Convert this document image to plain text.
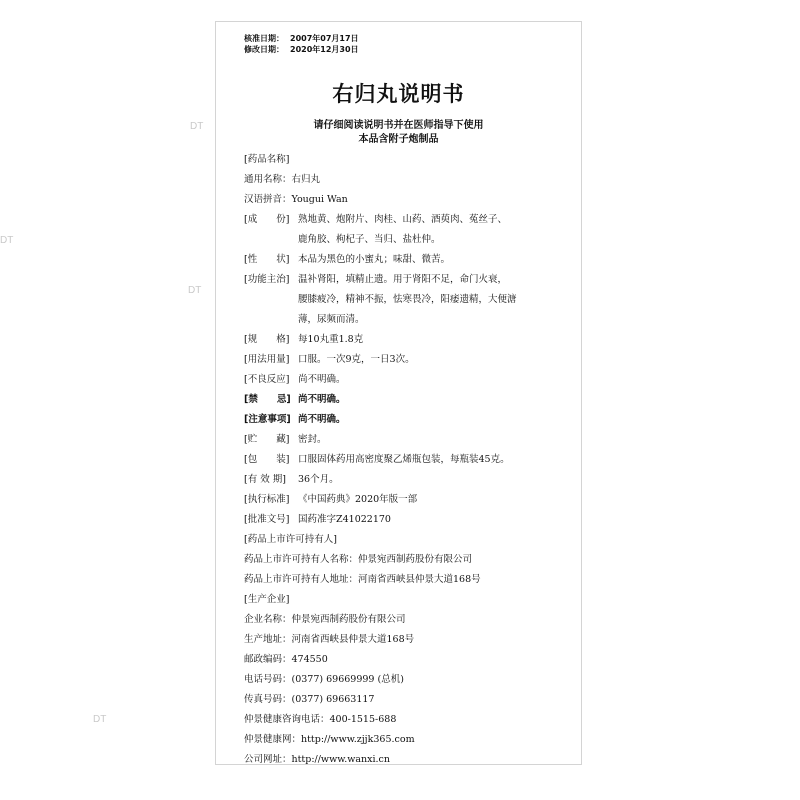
DT
DT
DT
DT
核准日期： 2007年07月17日
修改日期： 2020年12月30日
右归丸说明书
请仔细阅读说明书并在医师指导下使用
本品含附子炮制品
[药品名称]
通用名称：右归丸
汉语拼音：Yougui Wan
[成　　份] 熟地黄、炮附片、肉桂、山药、酒萸肉、菟丝子、
鹿角胶、枸杞子、当归、盐杜仲。
[性　　状] 本品为黑色的小蜜丸；味甜、微苦。
[功能主治] 温补肾阳，填精止遗。用于肾阳不足，命门火衰，
腰膝疲冷，精神不振，怯寒畏冷，阳痿遗精，大便溏
薄，尿频而清。
[规　　格] 每10丸重1.8克
[用法用量] 口服。一次9克，一日3次。
[不良反应] 尚不明确。
[禁　　忌] 尚不明确。
[注意事项] 尚不明确。
[贮　　藏] 密封。
[包　　装] 口服固体药用高密度聚乙烯瓶包装，每瓶装45克。
[有 效 期] 36个月。
[执行标准] 《中国药典》2020年版一部
[批准文号] 国药准字Z41022170
[药品上市许可持有人]
药品上市许可持有人名称：仲景宛西制药股份有限公司
药品上市许可持有人地址：河南省西峡县仲景大道168号
[生产企业]
企业名称：仲景宛西制药股份有限公司
生产地址：河南省西峡县仲景大道168号
邮政编码：474550
电话号码：(0377) 69669999 (总机)
传真号码：(0377) 69663117
仲景健康咨询电话：400-1515-688
仲景健康网：http://www.zjjk365.com
公司网址：http://www.wanxi.cn
